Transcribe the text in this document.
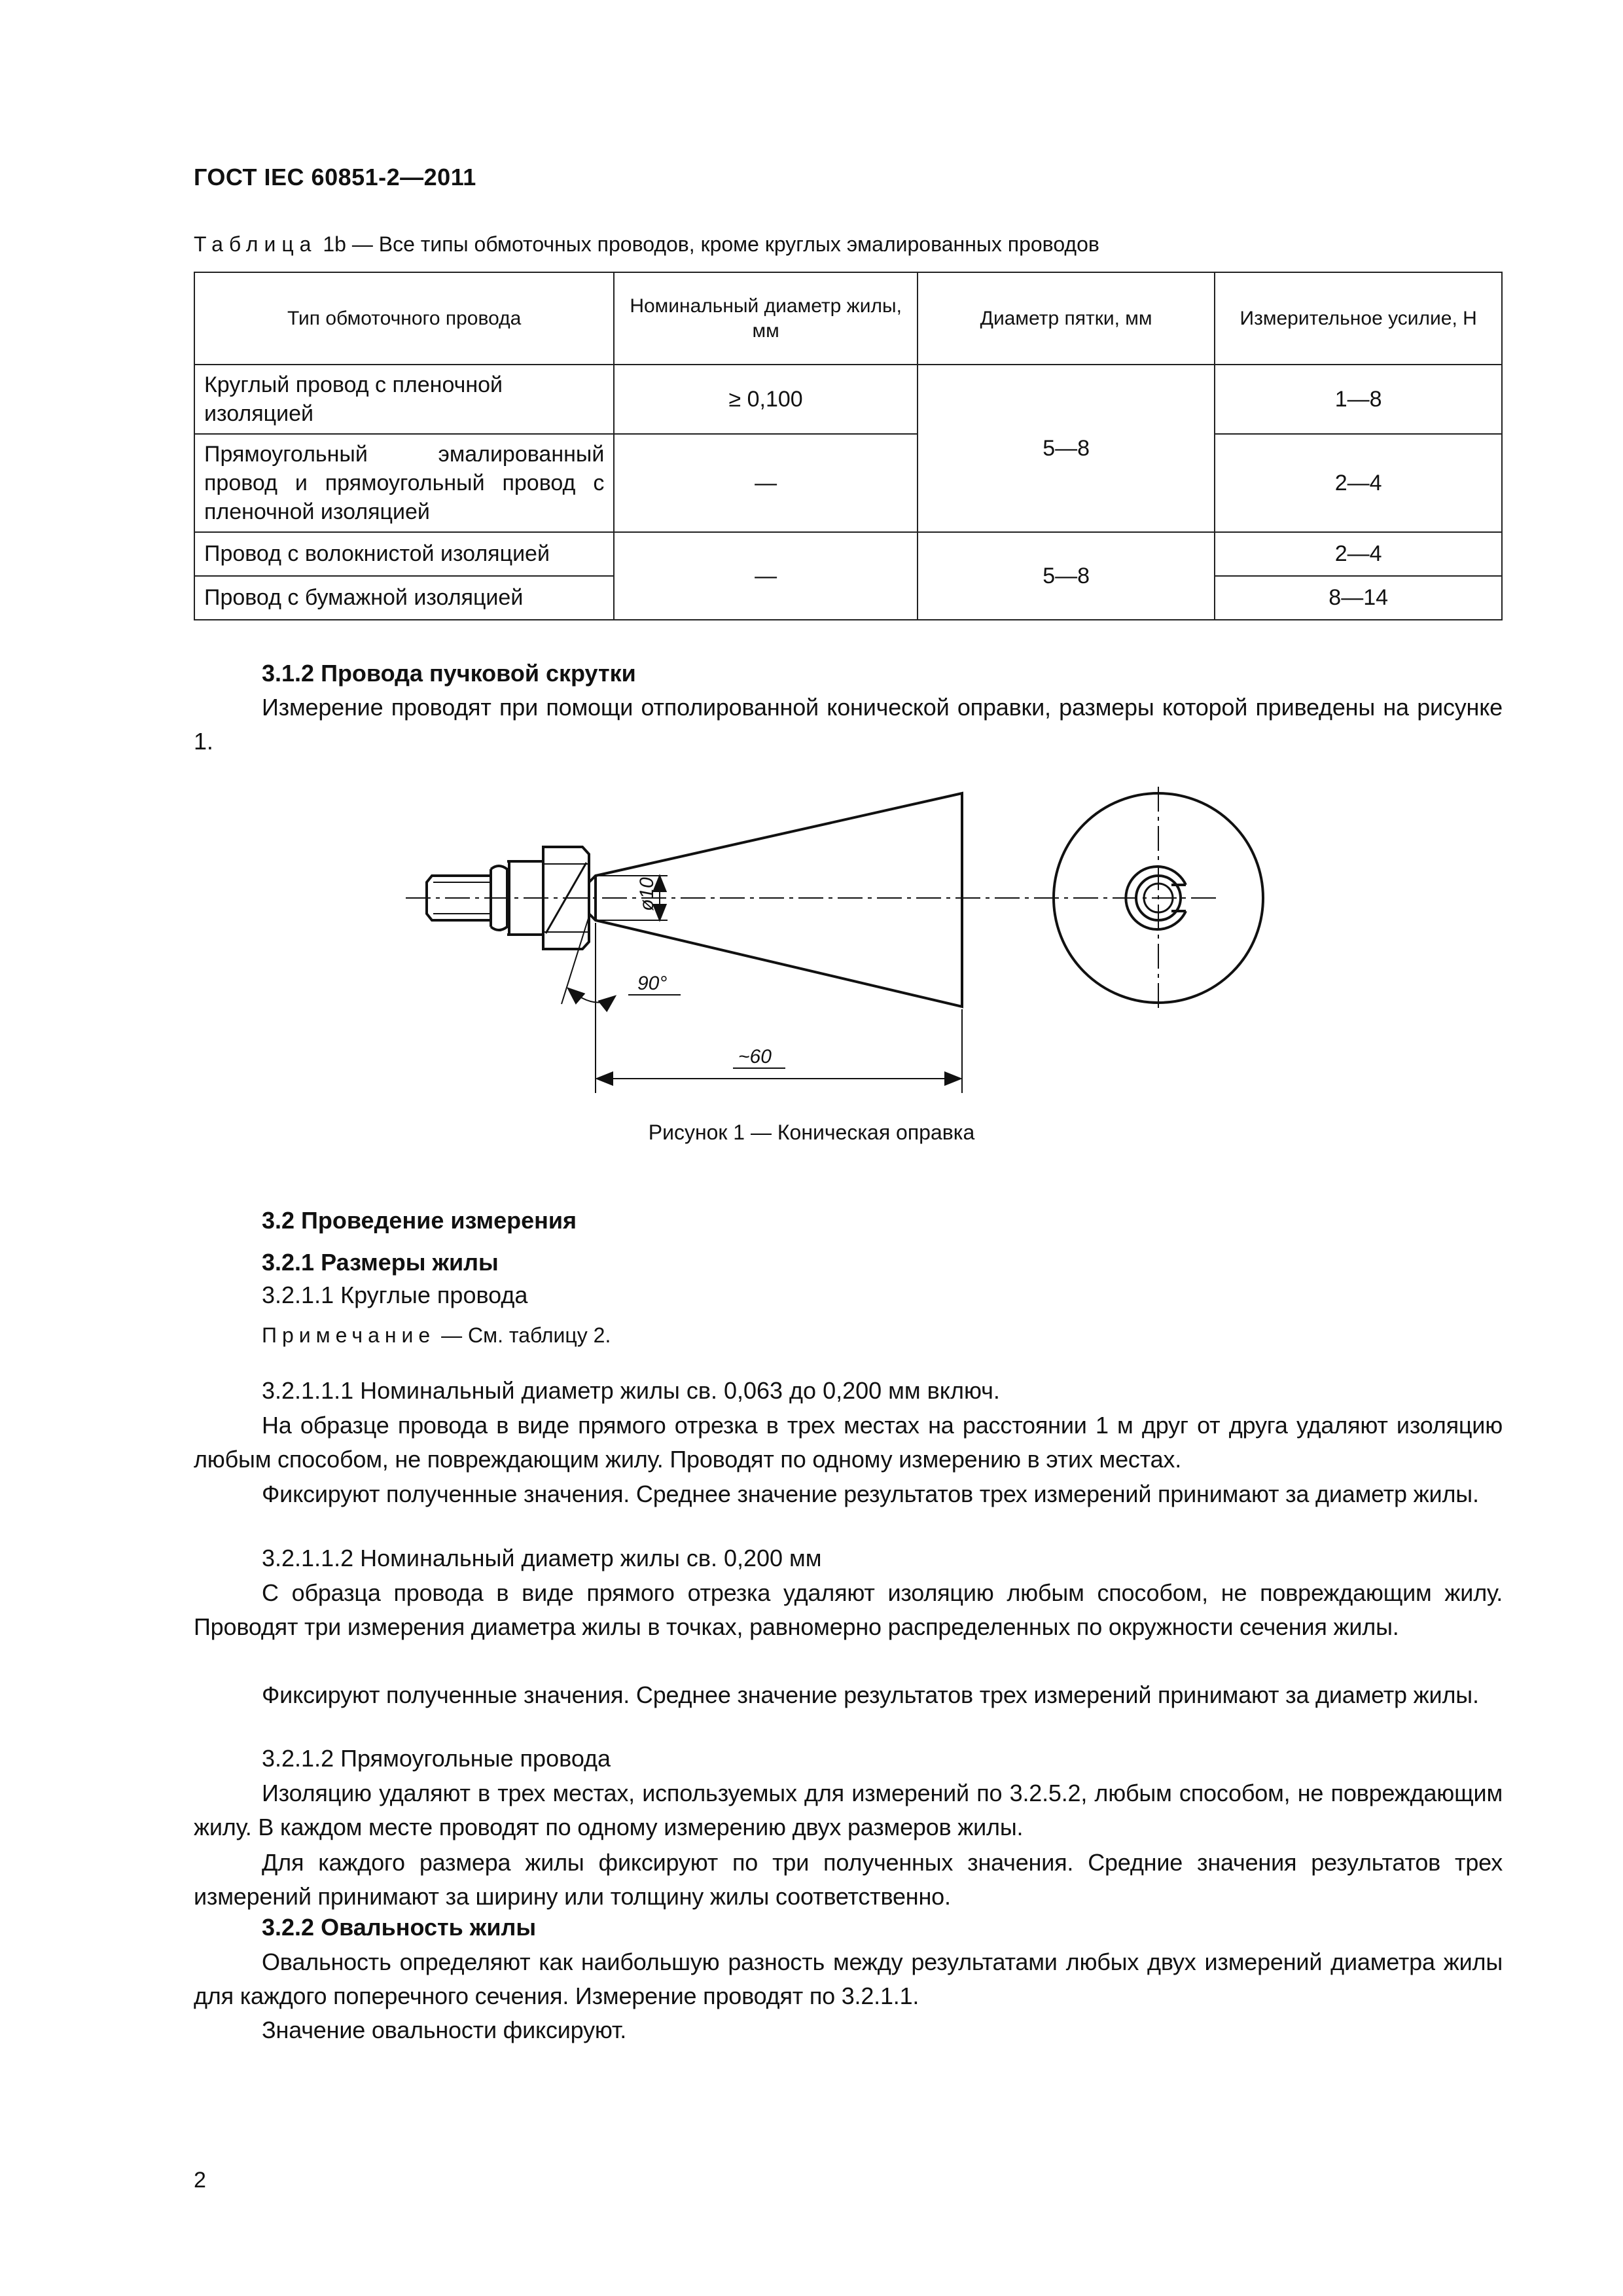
ГОСТ IEC 60851-2—2011
Таблица 1b — Все типы обмоточных проводов, кроме круглых эмалированных проводов
Тип обмоточного провода	Номинальный диаметр жилы, мм	Диаметр пятки, мм	Измерительное усилие, Н
Круглый провод с пленочной изоляцией	≥ 0,100	5—8	1—8
Прямоугольный эмалированный провод и прямоугольный провод с пленочной изоляцией	—		2—4
Провод с волокнистой изоляцией	—	5—8	2—4
Провод с бумажной изоляцией			8—14
3.1.2 Провода пучковой скрутки
Измерение проводят при помощи отполированной конической оправки, размеры которой приведены на рисунке 1.
ø10
90°
~60
Рисунок 1 — Коническая оправка
3.2 Проведение измерения
3.2.1 Размеры жилы
3.2.1.1 Круглые провода
Примечание — См. таблицу 2.
3.2.1.1.1 Номинальный диаметр жилы св. 0,063 до 0,200 мм включ.
На образце провода в виде прямого отрезка в трех местах на расстоянии 1 м друг от друга удаляют изоляцию любым способом, не повреждающим жилу. Проводят по одному измерению в этих местах.
Фиксируют полученные значения. Среднее значение результатов трех измерений принимают за диаметр жилы.
3.2.1.1.2 Номинальный диаметр жилы св. 0,200 мм
С образца провода в виде прямого отрезка удаляют изоляцию любым способом, не повреждающим жилу. Проводят три измерения диаметра жилы в точках, равномерно распределенных по окружности сечения жилы.
Фиксируют полученные значения. Среднее значение результатов трех измерений принимают за диаметр жилы.
3.2.1.2 Прямоугольные провода
Изоляцию удаляют в трех местах, используемых для измерений по 3.2.5.2, любым способом, не повреждающим жилу. В каждом месте проводят по одному измерению двух размеров жилы.
Для каждого размера жилы фиксируют по три полученных значения. Средние значения результатов трех измерений принимают за ширину или толщину жилы соответственно.
3.2.2 Овальность жилы
Овальность определяют как наибольшую разность между результатами любых двух измерений диаметра жилы для каждого поперечного сечения. Измерение проводят по 3.2.1.1.
Значение овальности фиксируют.
2
